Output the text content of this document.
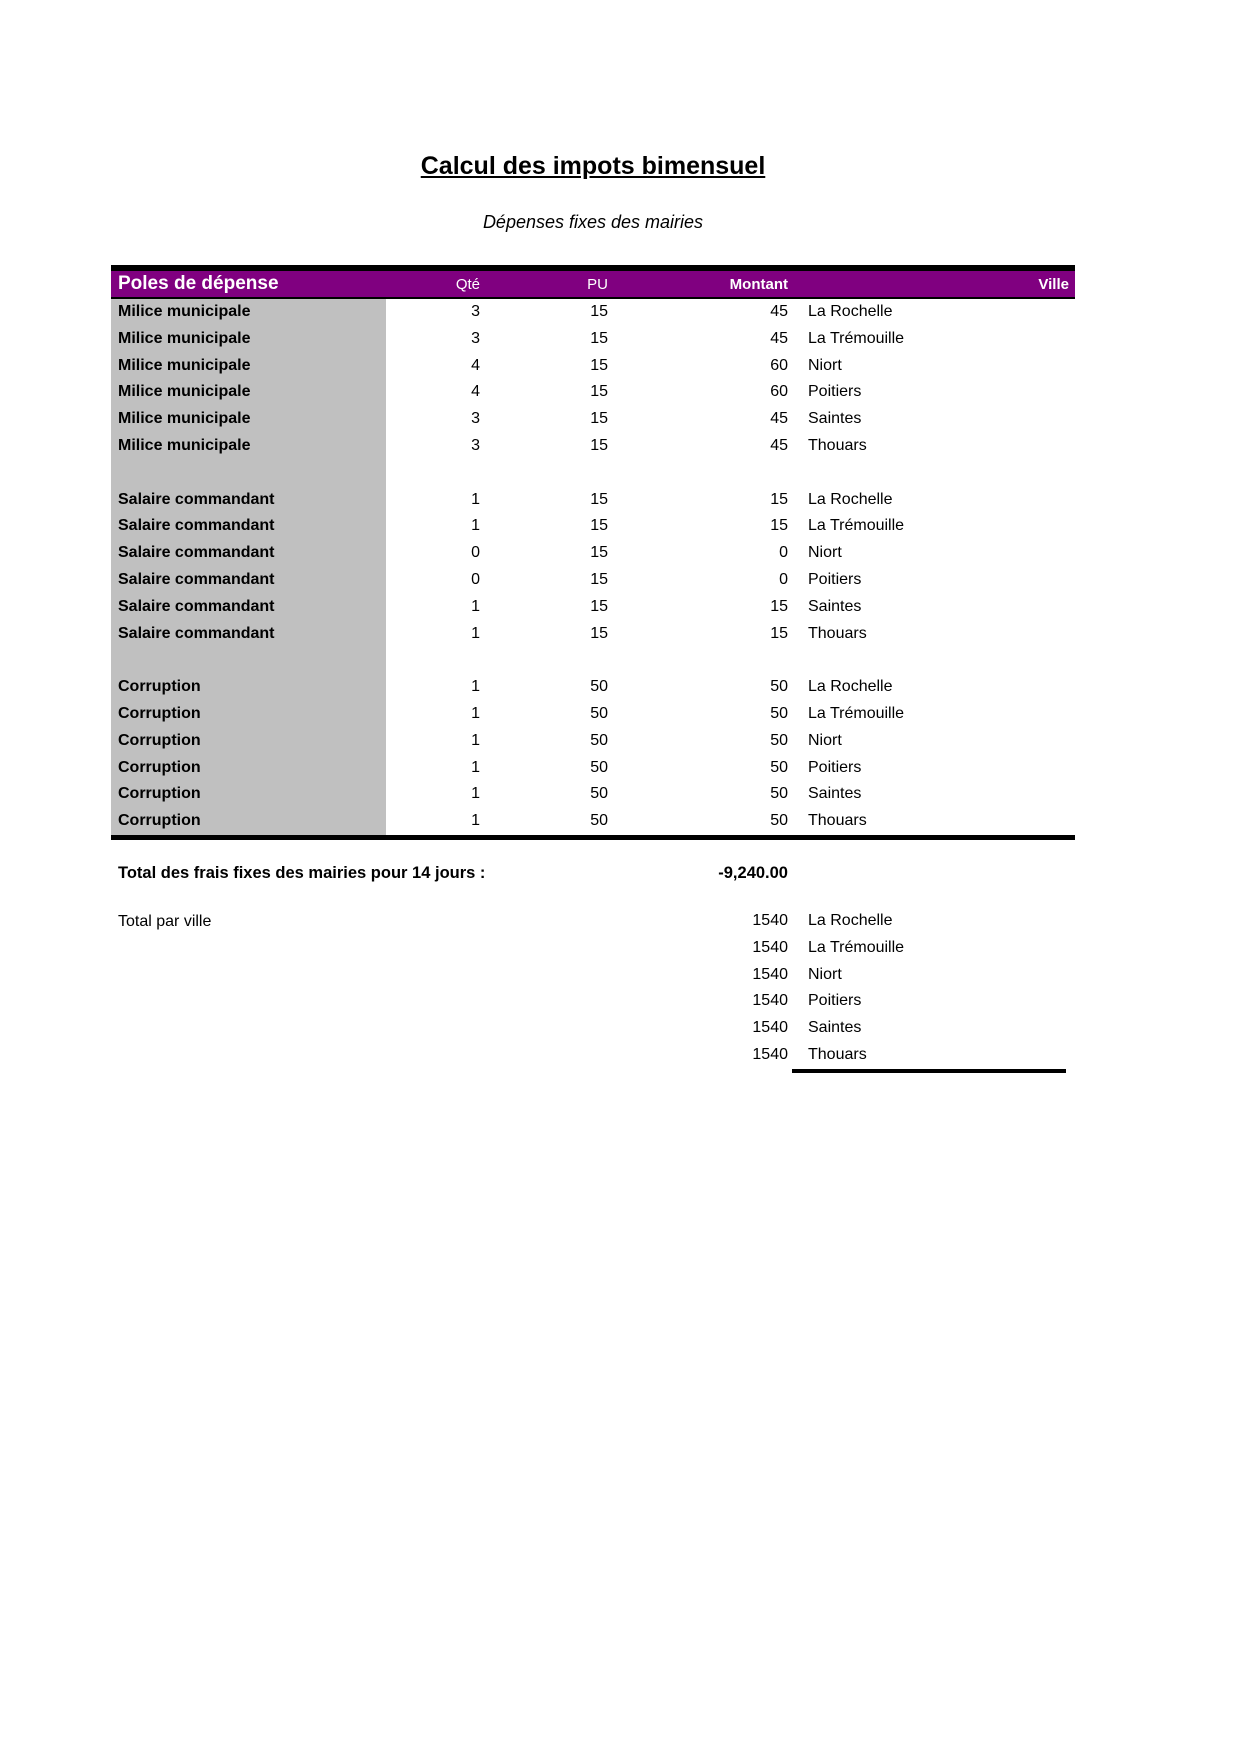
Calcul des impots bimensuel
Dépenses fixes des mairies
Poles de dépense	Qté	PU	Montant	Ville
Milice municipale	3	15	45	La Rochelle
Milice municipale	3	15	45	La Trémouille
Milice municipale	4	15	60	Niort
Milice municipale	4	15	60	Poitiers
Milice municipale	3	15	45	Saintes
Milice municipale	3	15	45	Thouars
Salaire commandant	1	15	15	La Rochelle
Salaire commandant	1	15	15	La Trémouille
Salaire commandant	0	15	0	Niort
Salaire commandant	0	15	0	Poitiers
Salaire commandant	1	15	15	Saintes
Salaire commandant	1	15	15	Thouars
Corruption	1	50	50	La Rochelle
Corruption	1	50	50	La Trémouille
Corruption	1	50	50	Niort
Corruption	1	50	50	Poitiers
Corruption	1	50	50	Saintes
Corruption	1	50	50	Thouars
Total des frais fixes des mairies pour 14 jours :	-9,240.00
Total par ville	1540	La Rochelle
1540	La Trémouille
1540	Niort
1540	Poitiers
1540	Saintes
1540	Thouars
